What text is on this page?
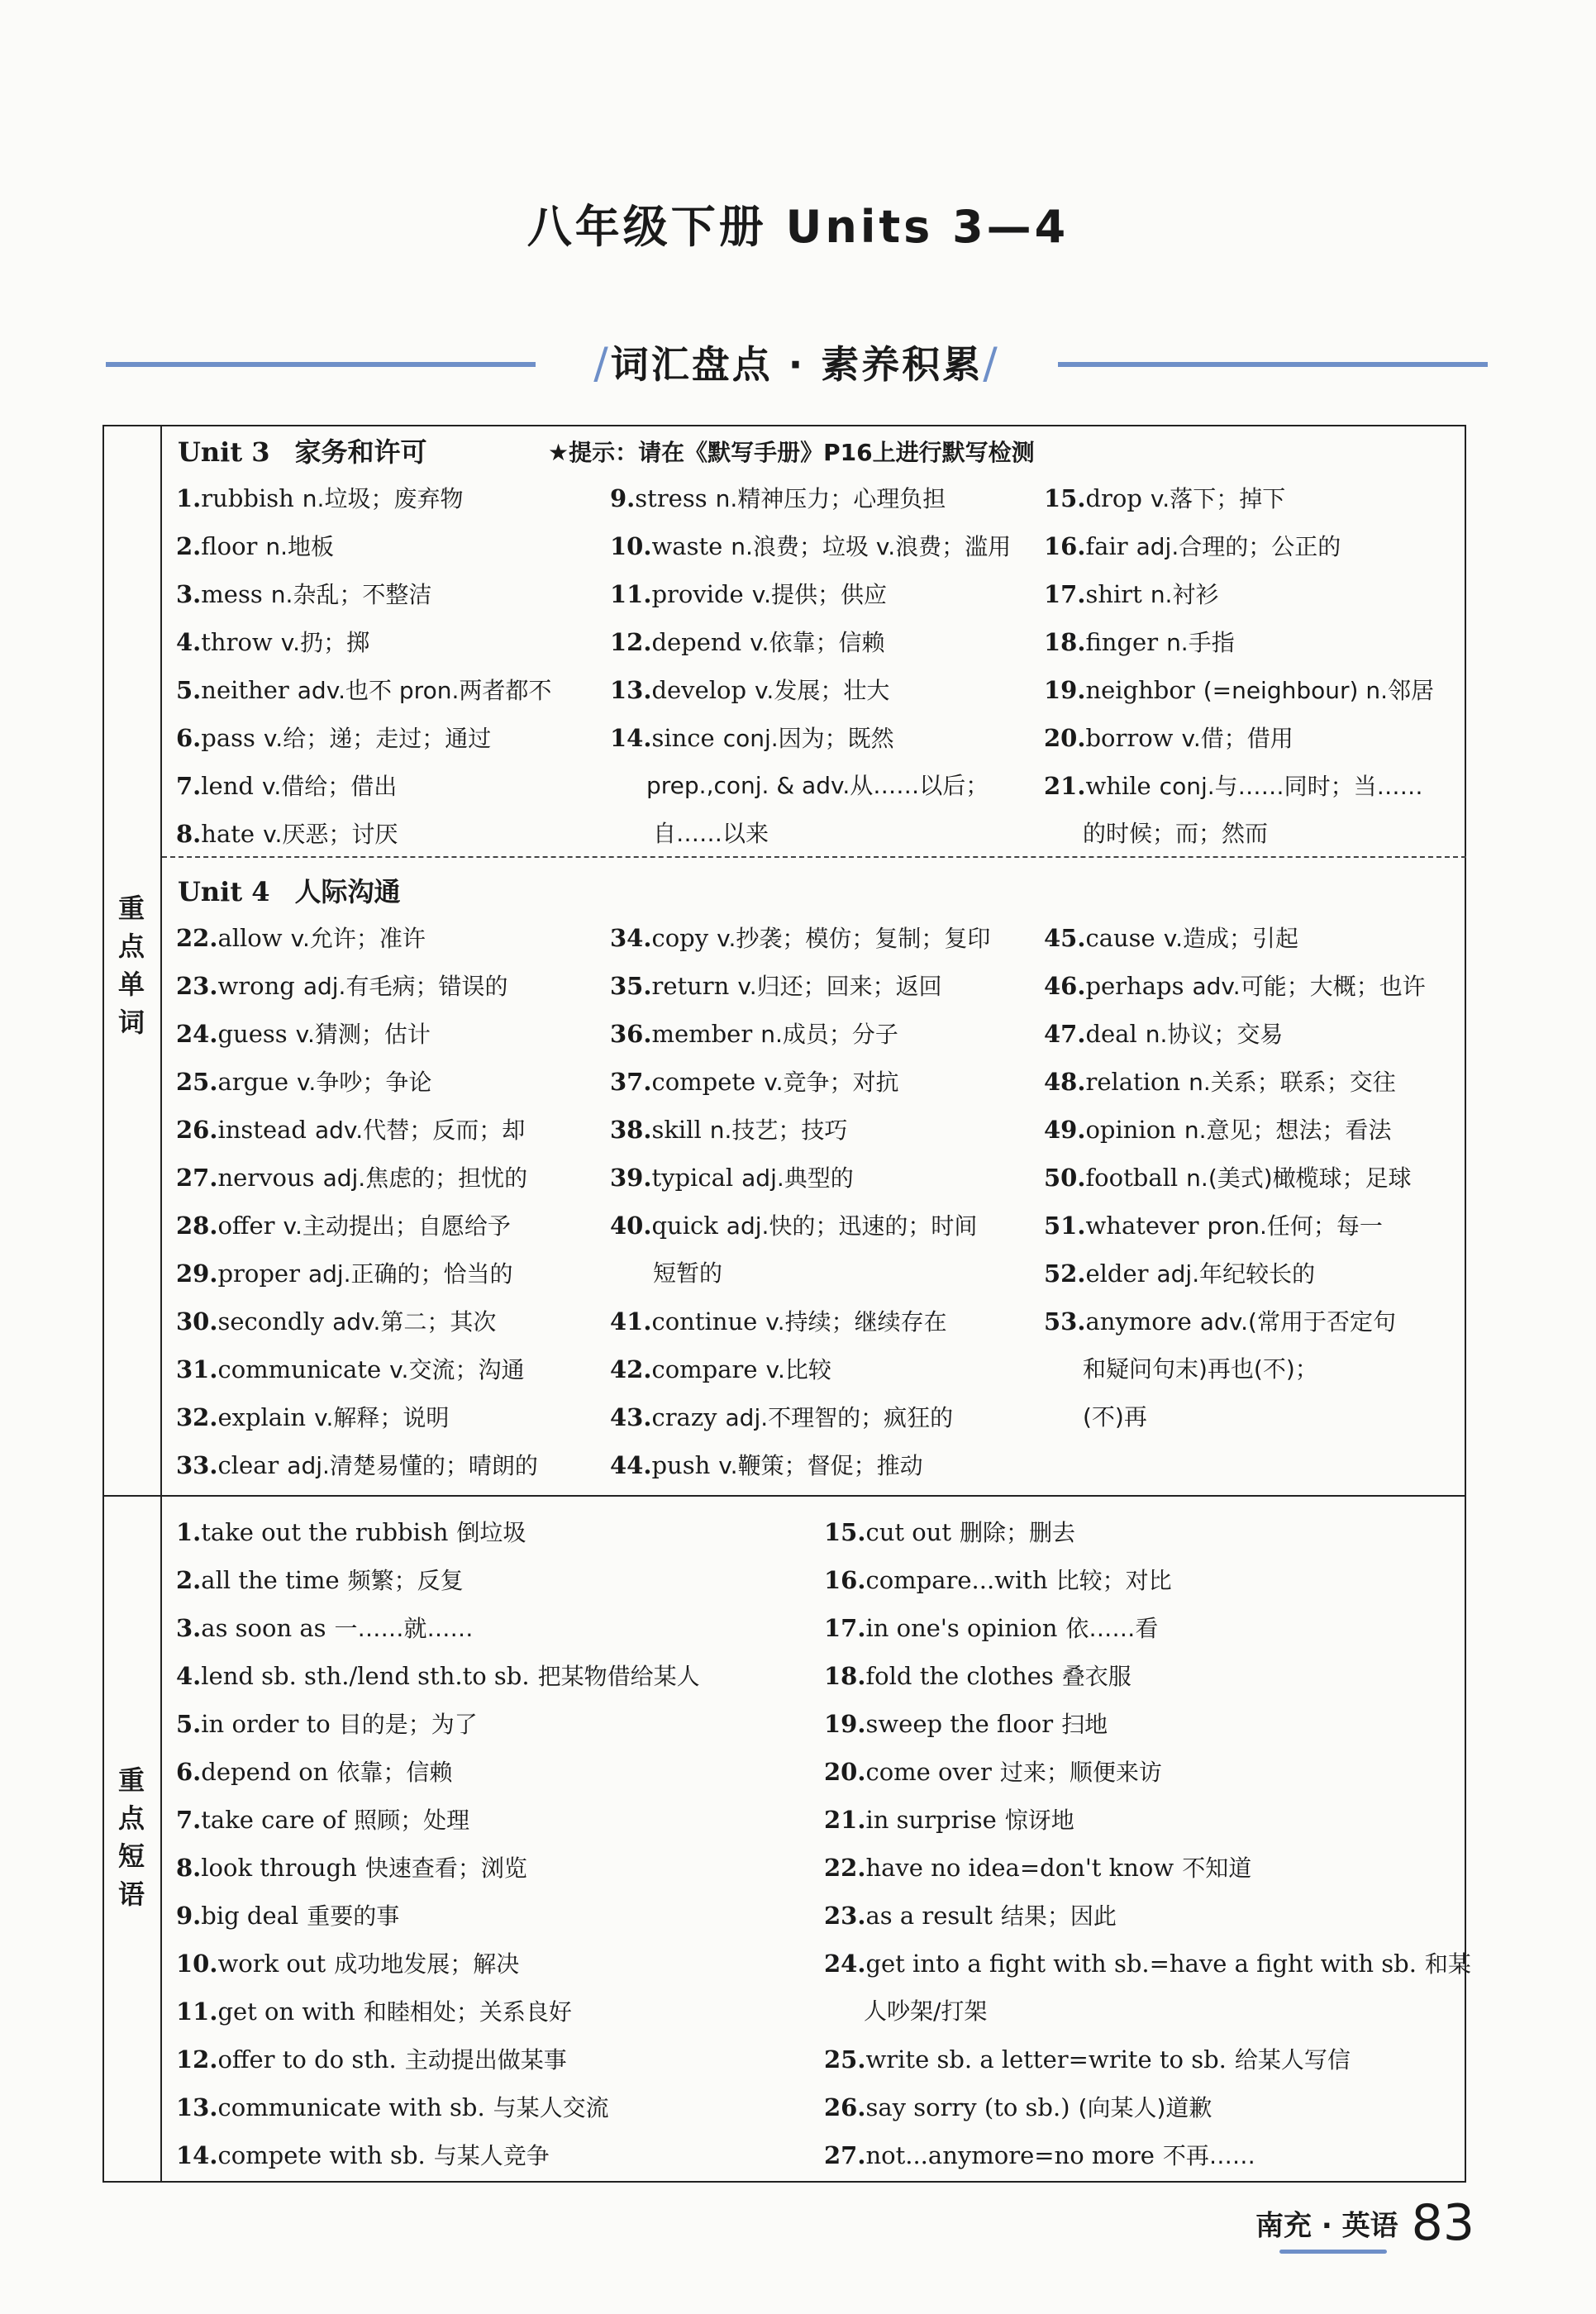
八年级下册 Units 3—4
/词汇盘点 · 素养积累/
重点单词
重点短语
Unit 3 家务和许可	★提示：请在《默写手册》P16上进行默写检测
Unit 4 人际沟通
1.rubbish n.垃圾；废弃物
2.floor n.地板
3.mess n.杂乱；不整洁
4.throw v.扔；掷
5.neither adv.也不 pron.两者都不
6.pass v.给；递；走过；通过
7.lend v.借给；借出
8.hate v.厌恶；讨厌
9.stress n.精神压力；心理负担
10.waste n.浪费；垃圾 v.浪费；滥用
11.provide v.提供；供应
12.depend v.依靠；信赖
13.develop v.发展；壮大
14.since conj.因为；既然
15.drop v.落下；掉下
16.fair adj.合理的；公正的
17.shirt n.衬衫
18.finger n.手指
19.neighbor (=neighbour) n.邻居
20.borrow v.借；借用
21.while conj.与……同时；当……
prep.,conj. & adv.从……以后；
自……以来	的时候；而；然而
22.allow v.允许；准许
23.wrong adj.有毛病；错误的
24.guess v.猜测；估计
25.argue v.争吵；争论
26.instead adv.代替；反而；却
27.nervous adj.焦虑的；担忧的
28.offer v.主动提出；自愿给予
29.proper adj.正确的；恰当的
30.secondly adv.第二；其次
31.communicate v.交流；沟通
32.explain v.解释；说明
33.clear adj.清楚易懂的；晴朗的
34.copy v.抄袭；模仿；复制；复印
35.return v.归还；回来；返回
36.member n.成员；分子
37.compete v.竞争；对抗
38.skill n.技艺；技巧
39.typical adj.典型的
40.quick adj.快的；迅速的；时间
短暂的
41.continue v.持续；继续存在
42.compare v.比较
43.crazy adj.不理智的；疯狂的
44.push v.鞭策；督促；推动
45.cause v.造成；引起
46.perhaps adv.可能；大概；也许
47.deal n.协议；交易
48.relation n.关系；联系；交往
49.opinion n.意见；想法；看法
50.football n.(美式)橄榄球；足球
51.whatever pron.任何；每一
52.elder adj.年纪较长的
53.anymore adv.(常用于否定句
和疑问句末)再也(不)；
(不)再
1.take out the rubbish 倒垃圾
2.all the time 频繁；反复
3.as soon as 一……就……
4.lend sb. sth./lend sth.to sb. 把某物借给某人
5.in order to 目的是；为了
6.depend on 依靠；信赖
7.take care of 照顾；处理
8.look through 快速查看；浏览
9.big deal 重要的事
10.work out 成功地发展；解决
11.get on with 和睦相处；关系良好
12.offer to do sth. 主动提出做某事
13.communicate with sb. 与某人交流
14.compete with sb. 与某人竞争
15.cut out 删除；删去
16.compare...with 比较；对比
17.in one's opinion 依……看
18.fold the clothes 叠衣服
19.sweep the floor 扫地
20.come over 过来；顺便来访
21.in surprise 惊讶地
22.have no idea=don't know 不知道
23.as a result 结果；因此
24.get into a fight with sb.=have a fight with sb. 和某
人吵架/打架
25.write sb. a letter=write to sb. 给某人写信
26.say sorry (to sb.) (向某人)道歉
27.not...anymore=no more 不再……
南充 · 英语 83
